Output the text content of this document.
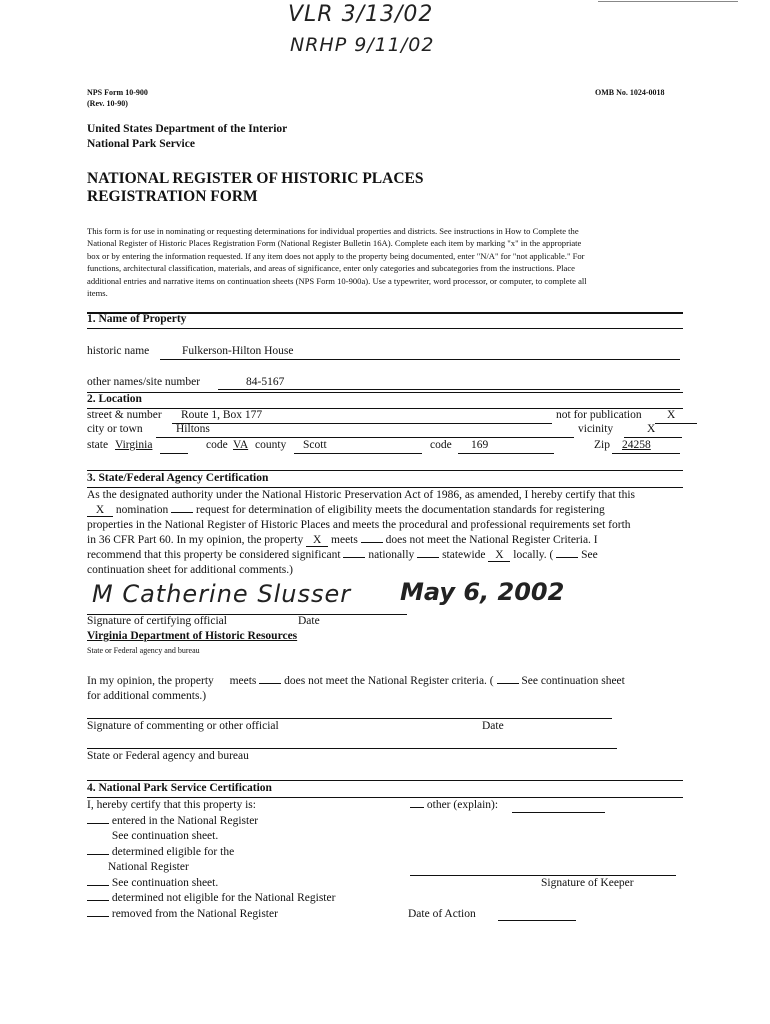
VLR 3/13/02
NRHP 9/11/02
NPS Form 10-900
(Rev. 10-90)
OMB No. 1024-0018
United States Department of the Interior
National Park Service
NATIONAL REGISTER OF HISTORIC PLACES
REGISTRATION FORM
This form is for use in nominating or requesting determinations for individual properties and districts. See instructions in How to Complete the
National Register of Historic Places Registration Form (National Register Bulletin 16A). Complete each item by marking "x" in the appropriate
box or by entering the information requested. If any item does not apply to the property being documented, enter "N/A" for "not applicable." For
functions, architectural classification, materials, and areas of significance, enter only categories and subcategories from the instructions. Place
additional entries and narrative items on continuation sheets (NPS Form 10-900a). Use a typewriter, word processor, or computer, to complete all
items.
1. Name of Property
historic name	Fulkerson-Hilton House
other names/site number	84-5167
2. Location
street & number Route 1, Box 177	not for publication X
city or town	Hiltons	vicinity	X
state Virginia	code VA county Scott	code 169	Zip 24258
3. State/Federal Agency Certification
As the designated authority under the National Historic Preservation Act of 1986, as amended, I hereby certify that this
X nomination request for determination of eligibility meets the documentation standards for registering
properties in the National Register of Historic Places and meets the procedural and professional requirements set forth
in 36 CFR Part 60. In my opinion, the property X meets does not meet the National Register Criteria. I
recommend that this property be considered significant nationally statewide X locally. ( See
continuation sheet for additional comments.)
M Catherine Slusser May 6, 2002
Signature of certifying official	Date
Virginia Department of Historic Resources
State or Federal agency and bureau
In my opinion, the property meets does not meet the National Register criteria. ( See continuation sheet
for additional comments.)
Signature of commenting or other official	Date
State or Federal agency and bureau
4. National Park Service Certification
I, hereby certify that this property is:
entered in the National Register
See continuation sheet.
determined eligible for the
National Register
See continuation sheet.
determined not eligible for the National Register
removed from the National Register
other (explain):
Signature of Keeper
Date of Action
